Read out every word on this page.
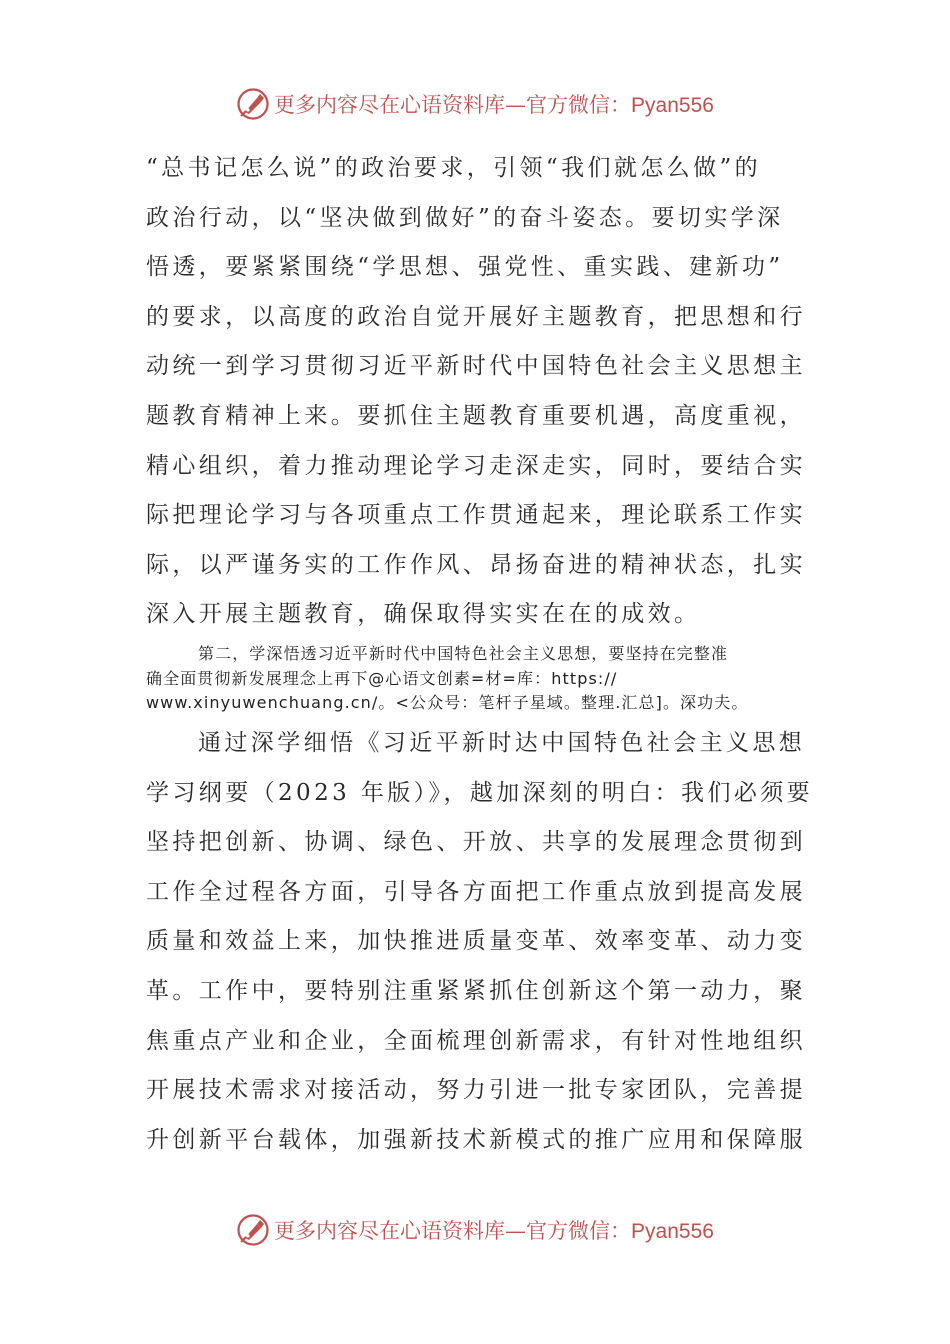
更多内容尽在心语资料库—官方微信：Pyan556
“总书记怎么说”的政治要求，引领“我们就怎么做”的
政治行动，以“坚决做到做好”的奋斗姿态。要切实学深
悟透，要紧紧围绕“学思想、强党性、重实践、建新功”
的要求，以高度的政治自觉开展好主题教育，把思想和行
动统一到学习贯彻习近平新时代中国特色社会主义思想主
题教育精神上来。要抓住主题教育重要机遇，高度重视，
精心组织，着力推动理论学习走深走实，同时，要结合实
际把理论学习与各项重点工作贯通起来，理论联系工作实
际，以严谨务实的工作作风、昂扬奋进的精神状态，扎实
深入开展主题教育，确保取得实实在在的成效。
第二，学深悟透习近平新时代中国特色社会主义思想，要坚持在完整准
确全面贯彻新发展理念上再下@心语文创素=材=库：https://
www.xinyuwenchuang.cn/。<公众号：笔杆子星域。整理.汇总]。深功夫。
通过深学细悟《习近平新时达中国特色社会主义思想
学习纲要（2023 年版）》，越加深刻的明白：我们必须要
坚持把创新、协调、绿色、开放、共享的发展理念贯彻到
工作全过程各方面，引导各方面把工作重点放到提高发展
质量和效益上来，加快推进质量变革、效率变革、动力变
革。工作中，要特别注重紧紧抓住创新这个第一动力，聚
焦重点产业和企业，全面梳理创新需求，有针对性地组织
开展技术需求对接活动，努力引进一批专家团队，完善提
升创新平台载体，加强新技术新模式的推广应用和保障服
更多内容尽在心语资料库—官方微信：Pyan556
